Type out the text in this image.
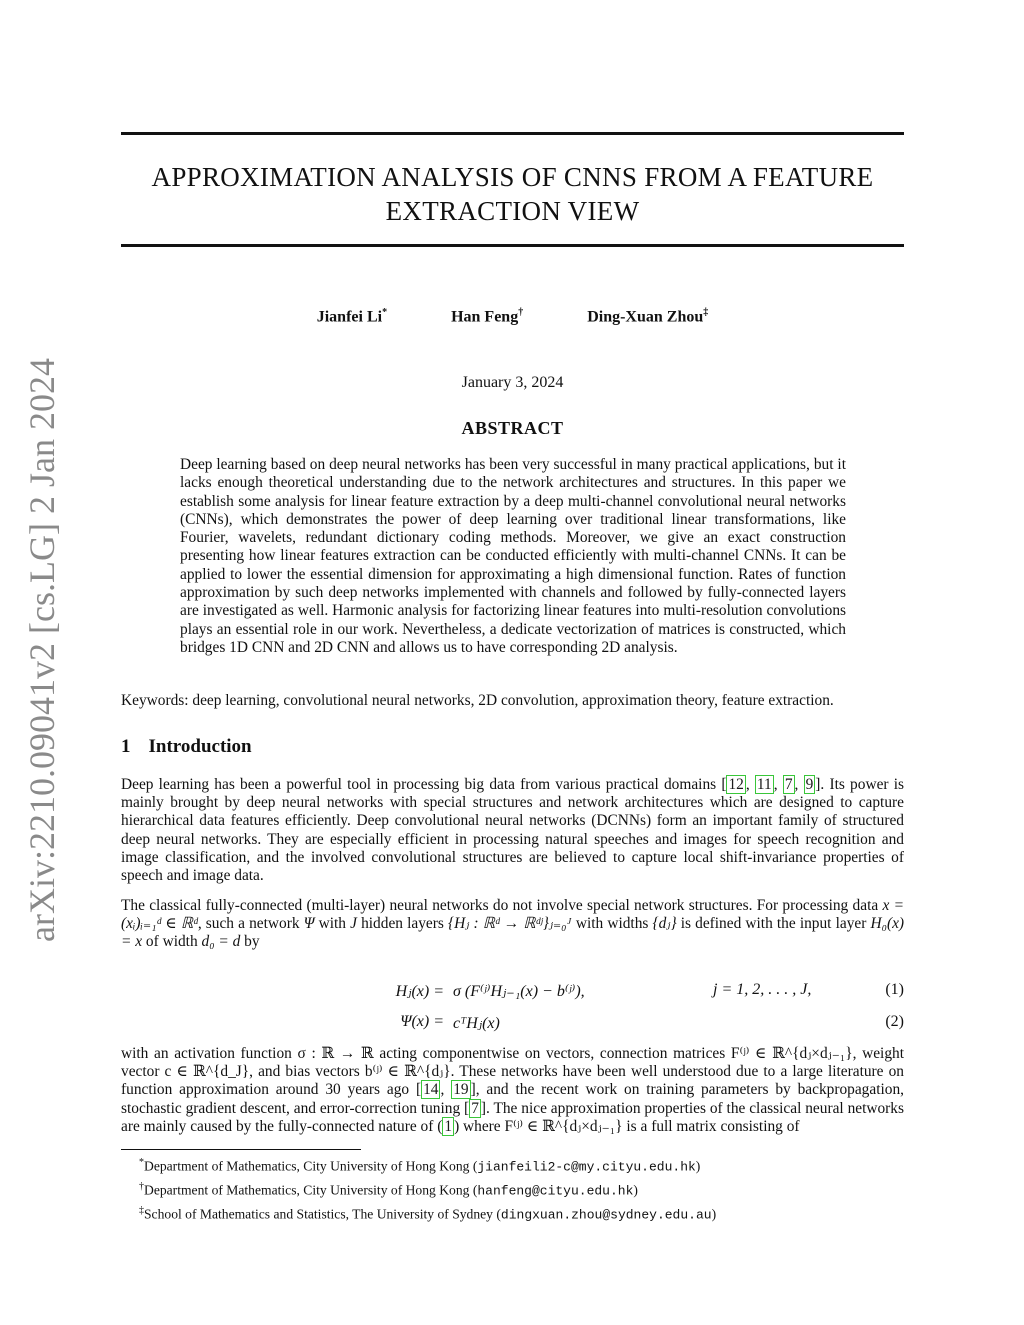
arXiv:2210.09041v2 [cs.LG] 2 Jan 2024
APPROXIMATION ANALYSIS OF CNNS FROM A FEATURE
EXTRACTION VIEW
Jianfei Li*	Han Feng†	Ding-Xuan Zhou‡
January 3, 2024
ABSTRACT
Deep learning based on deep neural networks has been very successful in many practical applications, but it lacks enough theoretical understanding due to the network architectures and structures. In this paper we establish some analysis for linear feature extraction by a deep multi-channel convolutional neural networks (CNNs), which demonstrates the power of deep learning over traditional linear transformations, like Fourier, wavelets, redundant dictionary coding methods. Moreover, we give an exact construction presenting how linear features extraction can be conducted efficiently with multi-channel CNNs. It can be applied to lower the essential dimension for approximating a high dimensional function. Rates of function approximation by such deep networks implemented with channels and followed by fully-connected layers are investigated as well. Harmonic analysis for factorizing linear features into multi-resolution convolutions plays an essential role in our work. Nevertheless, a dedicate vectorization of matrices is constructed, which bridges 1D CNN and 2D CNN and allows us to have corresponding 2D analysis.
Keywords: deep learning, convolutional neural networks, 2D convolution, approximation theory, feature extraction.
1 Introduction
Deep learning has been a powerful tool in processing big data from various practical domains [ 12 , 11 , 7 , 9 ]. Its power is mainly brought by deep neural networks with special structures and network architectures which are designed to capture hierarchical data features efficiently. Deep convolutional neural networks (DCNNs) form an important family of structured deep neural networks. They are especially efficient in processing natural speeches and images for speech recognition and image classification, and the involved convolutional structures are believed to capture local shift-invariance properties of speech and image data.
The classical fully-connected (multi-layer) neural networks do not involve special network structures. For processing data x = (xᵢ)ᵢ₌₁ᵈ ∈ ℝᵈ, such a network Ψ with J hidden layers {Hⱼ : ℝᵈ → ℝᵈʲ}ⱼ₌₀ᴶ with widths {dⱼ} is defined with the input layer H₀(x) = x of width d₀ = d by
Hⱼ(x) = σ (F⁽ʲ⁾Hⱼ₋₁(x) − b⁽ʲ⁾),	j = 1, 2, . . . , J,	(1)
Ψ(x) = cᵀHⱼ(x)	(2)
with an activation function σ : ℝ → ℝ acting componentwise on vectors, connection matrices F⁽ʲ⁾ ∈ ℝ^{dⱼ×dⱼ₋₁}, weight vector c ∈ ℝ^{d_J}, and bias vectors b⁽ʲ⁾ ∈ ℝ^{dⱼ}. These networks have been well understood due to a large literature on function approximation around 30 years ago [ 14 , 19 ], and the recent work on training parameters by backpropagation, stochastic gradient descent, and error-correction tuning [ 7 ]. The nice approximation properties of the classical neural networks are mainly caused by the fully-connected nature of ( 1 ) where F⁽ʲ⁾ ∈ ℝ^{dⱼ×dⱼ₋₁} is a full matrix consisting of
*Department of Mathematics, City University of Hong Kong (jianfeili2-c@my.cityu.edu.hk)
†Department of Mathematics, City University of Hong Kong (hanfeng@cityu.edu.hk)
‡School of Mathematics and Statistics, The University of Sydney (dingxuan.zhou@sydney.edu.au)
